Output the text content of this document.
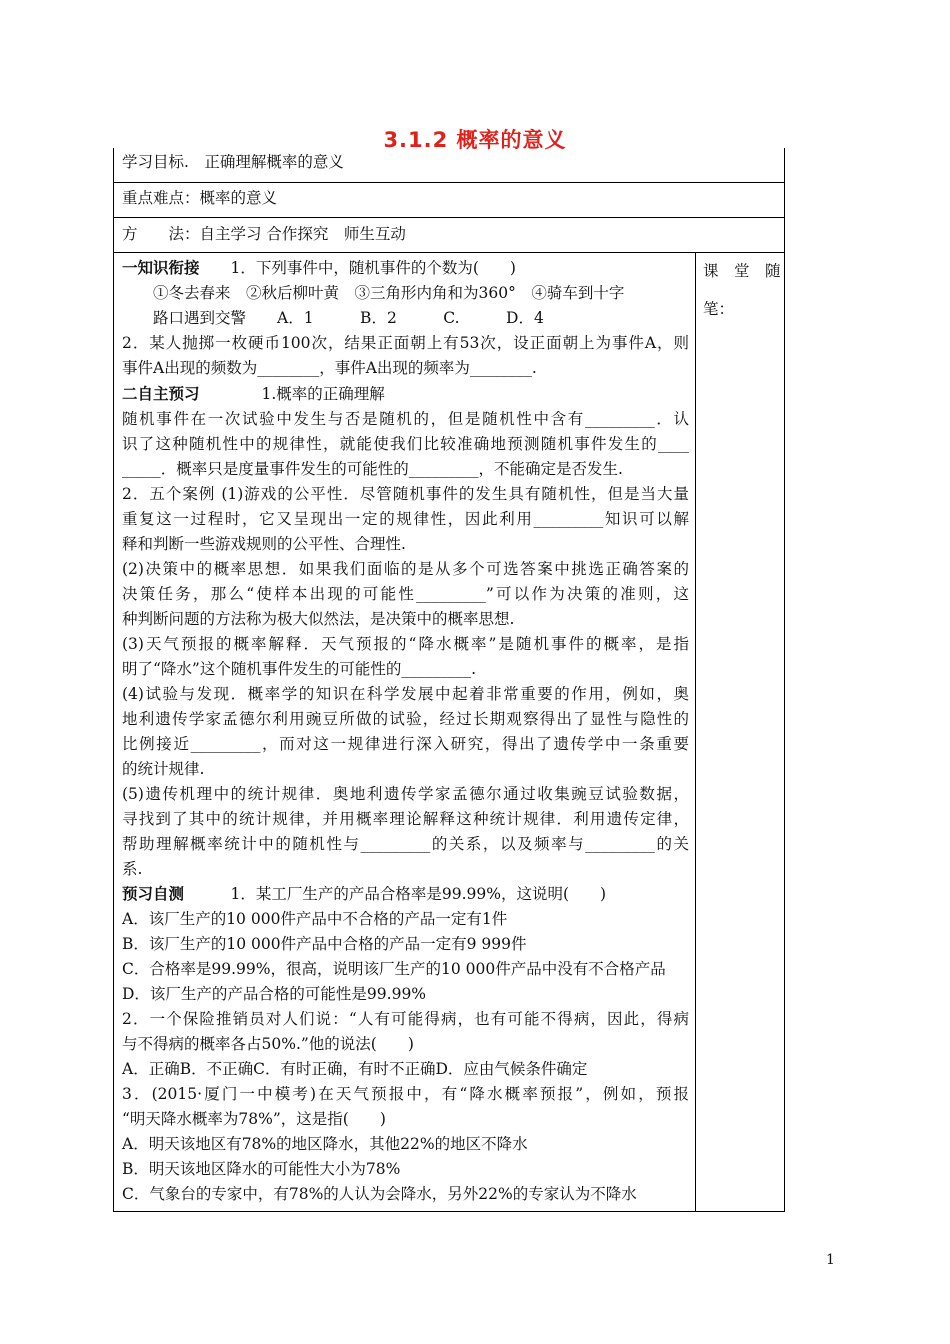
3.1.2 概率的意义
学习目标.　正确理解概率的意义
重点难点：概率的意义
方　　法：自主学习 合作探究　师生互动
一知识衔接　　1．下列事件中，随机事件的个数为(　　)
　　①冬去春来　②秋后柳叶黄　③三角形内角和为360°　④骑车到十字
　　路口遇到交警　　A．1　　　B．2　　　C.　　　D．4
2．某人抛掷一枚硬币100次，结果正面朝上有53次，设正面朝上为事件A，则
事件A出现的频数为________，事件A出现的频率为________.
二自主预习　　　　1.概率的正确理解
随机事件在一次试验中发生与否是随机的，但是随机性中含有_________．认
识了这种随机性中的规律性，就能使我们比较准确地预测随机事件发生的____
_____．概率只是度量事件发生的可能性的_________，不能确定是否发生.
2．五个案例 (1)游戏的公平性．尽管随机事件的发生具有随机性，但是当大量
重复这一过程时，它又呈现出一定的规律性，因此利用_________知识可以解
释和判断一些游戏规则的公平性、合理性.
(2)决策中的概率思想．如果我们面临的是从多个可选答案中挑选正确答案的
决策任务，那么“使样本出现的可能性_________”可以作为决策的准则，这
种判断问题的方法称为极大似然法，是决策中的概率思想.
(3)天气预报的概率解释．天气预报的“降水概率”是随机事件的概率，是指
明了“降水”这个随机事件发生的可能性的_________.
(4)试验与发现．概率学的知识在科学发展中起着非常重要的作用，例如，奥
地利遗传学家孟德尔利用豌豆所做的试验，经过长期观察得出了显性与隐性的
比例接近_________，而对这一规律进行深入研究，得出了遗传学中一条重要
的统计规律.
(5)遗传机理中的统计规律．奥地利遗传学家孟德尔通过收集豌豆试验数据，
寻找到了其中的统计规律，并用概率理论解释这种统计规律．利用遗传定律，
帮助理解概率统计中的随机性与_________的关系，以及频率与_________的关
系.
预习自测　　　1．某工厂生产的产品合格率是99.99%，这说明(　　)
A．该厂生产的10 000件产品中不合格的产品一定有1件
B．该厂生产的10 000件产品中合格的产品一定有9 999件
C．合格率是99.99%，很高，说明该厂生产的10 000件产品中没有不合格产品
D．该厂生产的产品合格的可能性是99.99%
2．一个保险推销员对人们说：“人有可能得病，也有可能不得病，因此，得病
与不得病的概率各占50%.”他的说法(　　)
A．正确B．不正确C．有时正确，有时不正确D．应由气候条件确定
3．(2015·厦门一中模考)在天气预报中，有“降水概率预报”，例如，预报
“明天降水概率为78%”，这是指(　　)
A．明天该地区有78%的地区降水，其他22%的地区不降水
B．明天该地区降水的可能性大小为78%
C．气象台的专家中，有78%的人认为会降水，另外22%的专家认为不降水
课　堂　随
笔：
1
